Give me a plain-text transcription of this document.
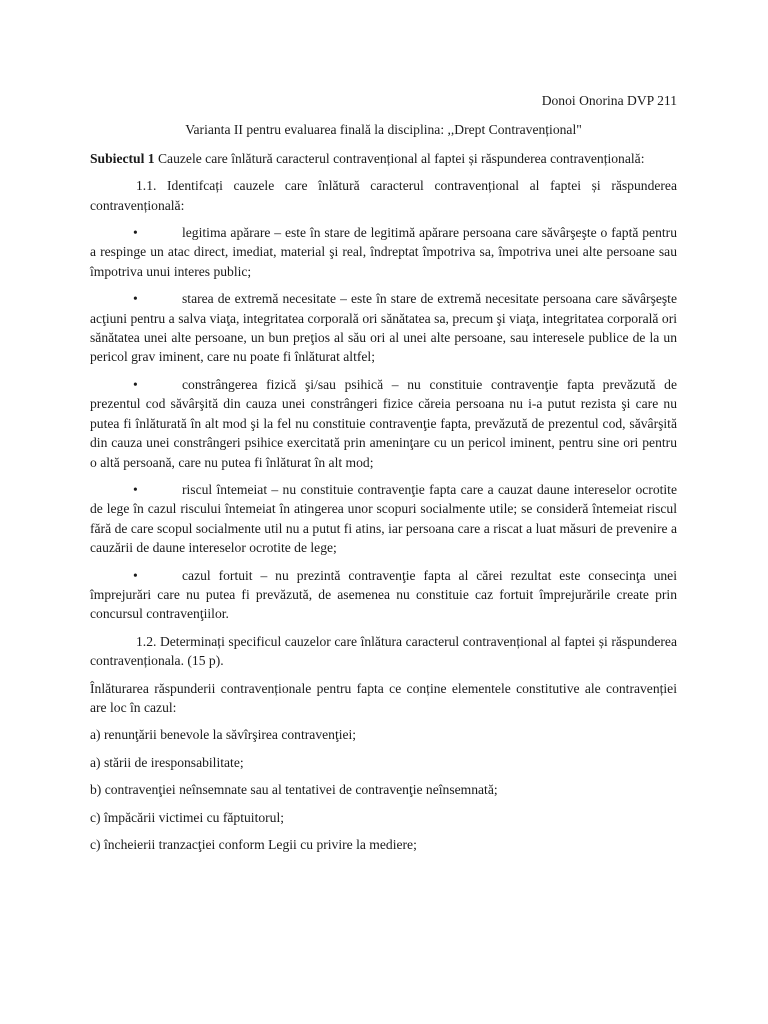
Donoi Onorina DVP 211

Varianta II pentru evaluarea finală la disciplina: ,,Drept Contravențional"

Subiectul 1 Cauzele care înlătură caracterul contravențional al faptei și răspunderea contravențională:

1.1. Identifcați cauzele care înlătură caracterul contravențional al faptei și răspunderea contravențională:

•	legitima apărare – este în stare de legitimă apărare persoana care săvârşeşte o faptă pentru a respinge un atac direct, imediat, material şi real, îndreptat împotriva sa, împotriva unei alte persoane sau împotriva unui interes public;
•	starea de extremă necesitate – este în stare de extremă necesitate persoana care săvârşeşte acţiuni pentru a salva viaţa, integritatea corporală ori sănătatea sa, precum şi viaţa, integritatea corporală ori sănătatea unei alte persoane, un bun preţios al său ori al unei alte persoane, sau interesele publice de la un pericol grav iminent, care nu poate fi înlăturat altfel;
•	constrângerea fizică şi/sau psihică – nu constituie contravenţie fapta prevăzută de prezentul cod săvârşită din cauza unei constrângeri fizice căreia persoana nu i-a putut rezista şi care nu putea fi înlăturată în alt mod şi la fel nu constituie contravenţie fapta, prevăzută de prezentul cod, săvârşită din cauza unei constrângeri psihice exercitată prin ameninţare cu un pericol iminent, pentru sine ori pentru o altă persoană, care nu putea fi înlăturat în alt mod;
•	riscul întemeiat – nu constituie contravenţie fapta care a cauzat daune intereselor ocrotite de lege în cazul riscului întemeiat în atingerea unor scopuri socialmente utile; se consideră întemeiat riscul fără de care scopul socialmente util nu a putut fi atins, iar persoana care a riscat a luat măsuri de prevenire a cauzării de daune intereselor ocrotite de lege;
•	cazul fortuit – nu prezintă contravenţie fapta al cărei rezultat este consecinţa unei împrejurări care nu putea fi prevăzută, de asemenea nu constituie caz fortuit împrejurările create prin concursul contravenţiilor.

1.2. Determinați specificul cauzelor care înlătura caracterul contravențional al faptei și răspunderea contravenționala. (15 p).

Înlăturarea răspunderii contravenționale pentru fapta ce conține elementele constitutive ale contravenției are loc în cazul:

a) renunţării benevole la săvîrşirea contravenţiei;

a) stării de iresponsabilitate;

b) contravenţiei neînsemnate sau al tentativei de contravenţie neînsemnată;

c) împăcării victimei cu făptuitorul;

c) încheierii tranzacţiei conform Legii cu privire la mediere;
